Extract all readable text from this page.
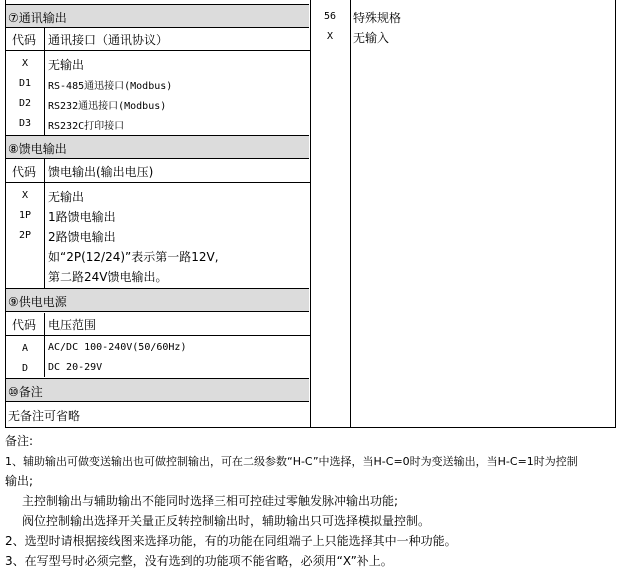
⑦通讯输出
代码 通讯接口（通讯协议）
X	无输出
D1	RS-485通迅接口(Modbus)
D2	RS232通迅接口(Modbus)
D3	RS232C打印接口
⑧馈电输出
代码 馈电输出(输出电压)
X	无输出
1P	1路馈电输出
2P	2路馈电输出
如“2P(12/24)”表示第一路12V,
第二路24V馈电输出。
⑨供电电源
代码 电压范围
A	AC/DC 100-240V(50/60Hz)
D	DC 20-29V
⑩备注
无备注可省略
56	特殊规格
X	无输入
备注:
1、辅助输出可做变送输出也可做控制输出，可在二级参数“H-C”中选择，当H-C=0时为变送输出，当H-C=1时为控制
输出;
主控制输出与辅助输出不能同时选择三相可控硅过零触发脉冲输出功能;
阀位控制输出选择开关量正反转控制输出时，辅助输出只可选择模拟量控制。
2、选型时请根据接线图来选择功能，有的功能在同组端子上只能选择其中一种功能。
3、在写型号时必须完整，没有选到的功能项不能省略，必须用“X”补上。
